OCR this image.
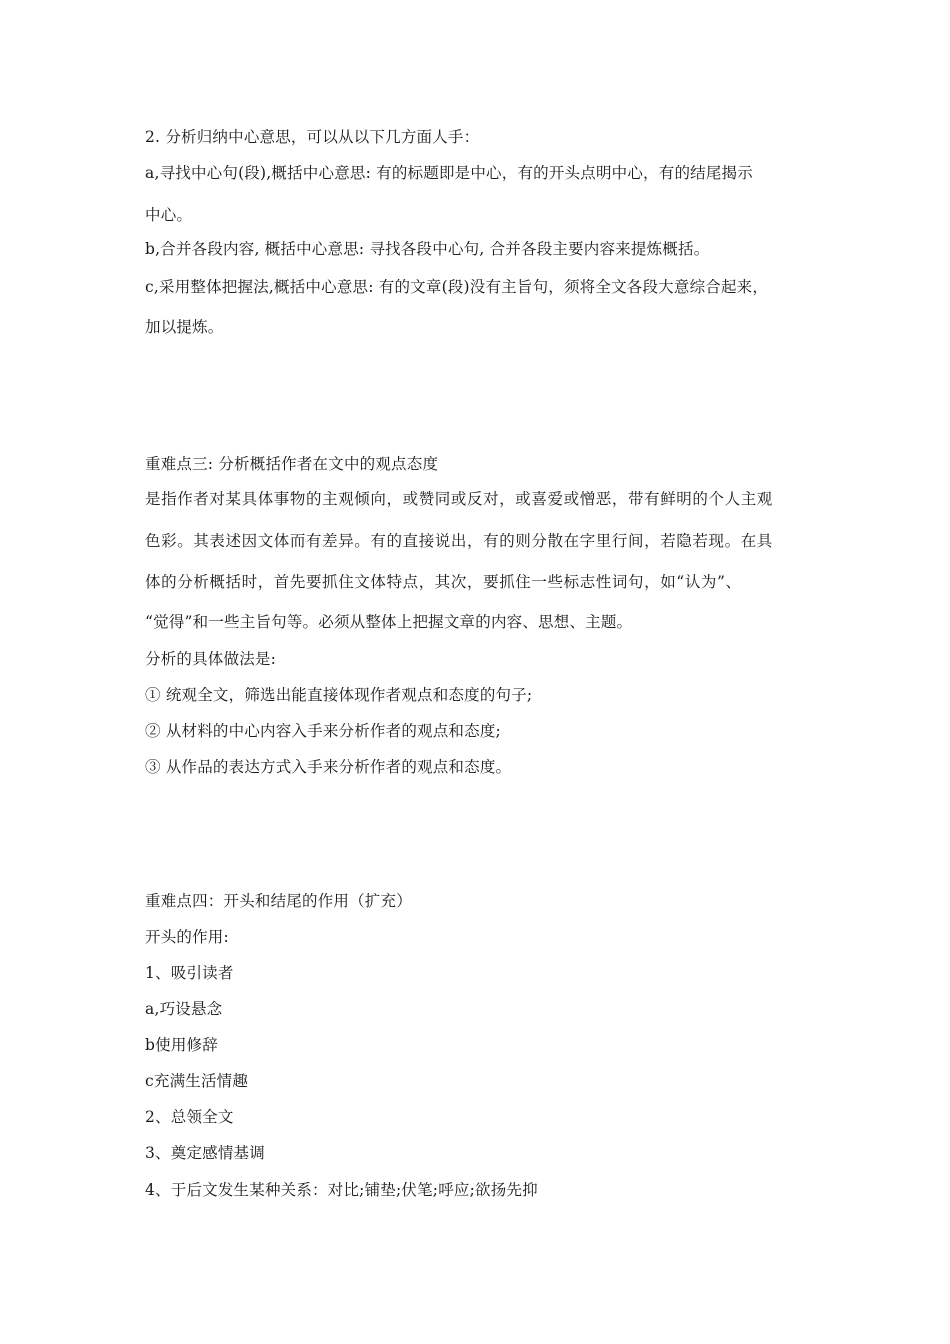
2. 分析归纳中心意思，可以从以下几方面人手：
a,寻找中心句(段),概括中心意思: 有的标题即是中心，有的开头点明中心，有的结尾揭示
中心。
b,合并各段内容, 概括中心意思: 寻找各段中心句, 合并各段主要内容来提炼概括。
c,采用整体把握法,概括中心意思: 有的文章(段)没有主旨句，须将全文各段大意综合起来，
加以提炼。
重难点三: 分析概括作者在文中的观点态度
是指作者对某具体事物的主观倾向，或赞同或反对，或喜爱或憎恶，带有鲜明的个人主观
色彩。其表述因文体而有差异。有的直接说出，有的则分散在字里行间，若隐若现。在具
体的分析概括时，首先要抓住文体特点，其次，要抓住一些标志性词句，如“认为”、
“觉得”和一些主旨句等。必须从整体上把握文章的内容、思想、主题。
分析的具体做法是:
① 统观全文，筛选出能直接体现作者观点和态度的句子;
② 从材料的中心内容入手来分析作者的观点和态度;
③ 从作品的表达方式入手来分析作者的观点和态度。
重难点四：开头和结尾的作用（扩充）
开头的作用:
1、吸引读者
a,巧设悬念
b使用修辞
c充满生活情趣
2、总领全文
3、奠定感情基调
4、于后文发生某种关系：对比;铺垫;伏笔;呼应;欲扬先抑
